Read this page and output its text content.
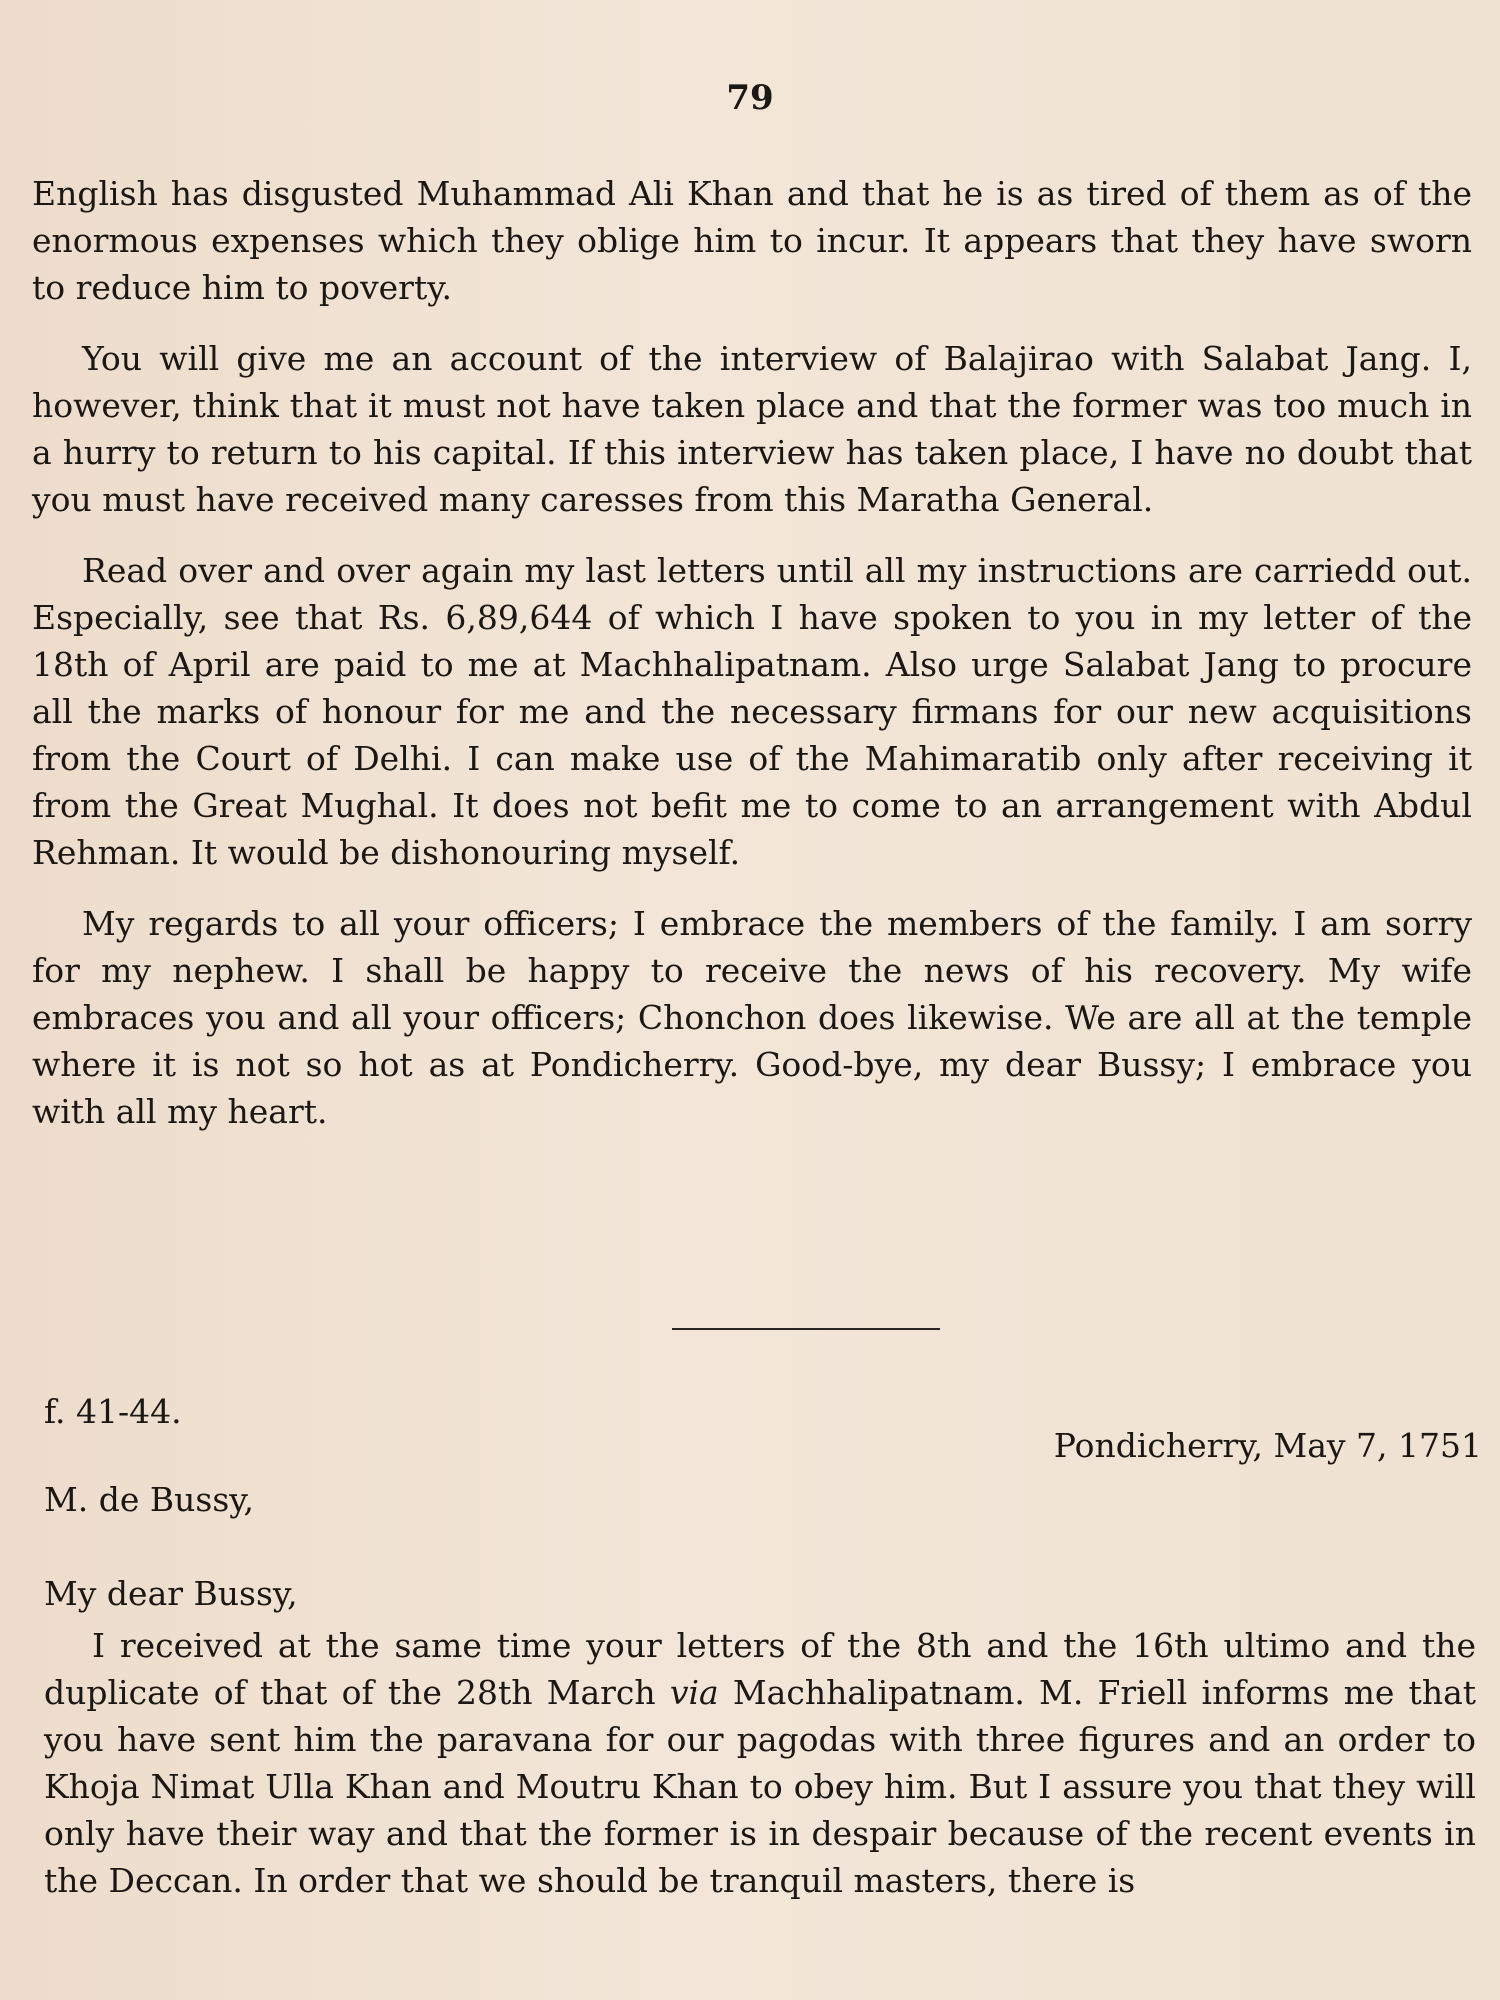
79

English has disgusted Muhammad Ali Khan and that he is as tired of them as of the enormous expenses which they oblige him to incur. It appears that they have sworn to reduce him to poverty.

You will give me an account of the interview of Balajirao with Salabat Jang. I, however, think that it must not have taken place and that the former was too much in a hurry to return to his capital. If this interview has taken place, I have no doubt that you must have received many caresses from this Maratha General.

Read over and over again my last letters until all my instructions are carriedd out. Especially, see that Rs. 6,89,644 of which I have spoken to you in my letter of the 18th of April are paid to me at Machhalipatnam. Also urge Salabat Jang to procure all the marks of honour for me and the necessary firmans for our new acquisitions from the Court of Delhi. I can make use of the Mahimaratib only after receiving it from the Great Mughal. It does not befit me to come to an arrangement with Abdul Rehman. It would be dishonouring myself.

My regards to all your officers; I embrace the members of the family. I am sorry for my nephew. I shall be happy to receive the news of his recovery. My wife embraces you and all your officers; Chonchon does likewise. We are all at the temple where it is not so hot as at Pondicherry. Good-bye, my dear Bussy; I embrace you with all my heart.

f. 41-44.
Pondicherry, May 7, 1751
M. de Bussy,
My dear Bussy,

I received at the same time your letters of the 8th and the 16th ultimo and the duplicate of that of the 28th March via Machhalipatnam. M. Friell informs me that you have sent him the paravana for our pagodas with three figures and an order to Khoja Nimat Ulla Khan and Moutru Khan to obey him. But I assure you that they will only have their way and that the former is in despair because of the recent events in the Deccan. In order that we should be tranquil masters, there is
